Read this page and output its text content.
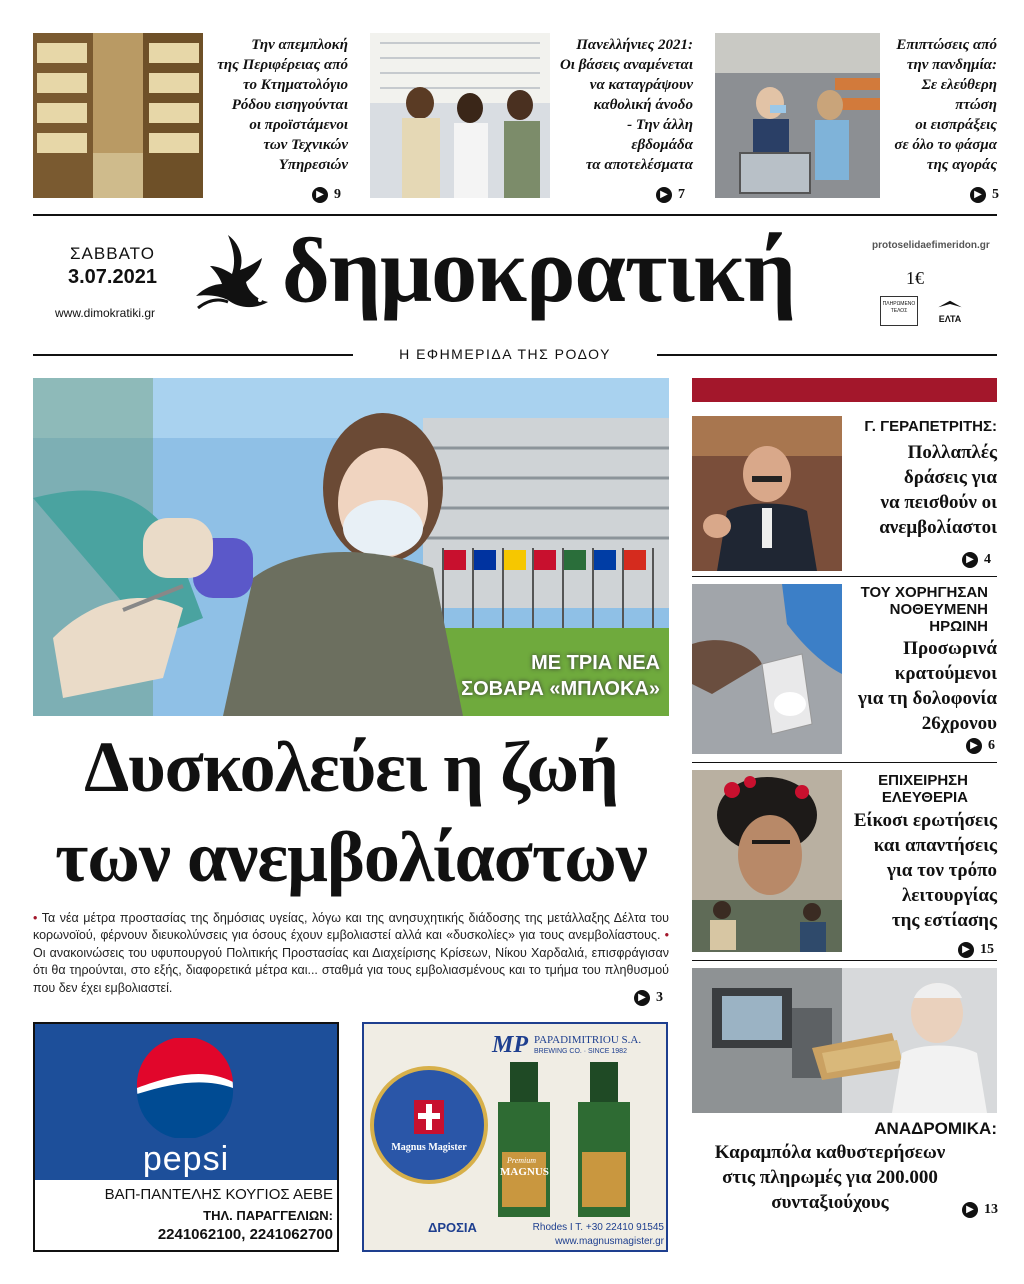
Την απεμπλοκή
της Περιφέρειας από
το Κτηματολόγιο
Ρόδου εισηγούνται
οι προϊστάμενοι
των Τεχνικών
Υπηρεσιών
▶ 9
Πανελλήνιες 2021:
Οι βάσεις αναμένεται
να καταγράψουν
καθολική άνοδο
- Την άλλη
εβδομάδα
τα αποτελέσματα
▶ 7
Επιπτώσεις από
την πανδημία:
Σε ελεύθερη
πτώση
οι εισπράξεις
σε όλο το φάσμα
της αγοράς
▶ 5
ΣΑΒΒΑΤΟ
3.07.2021
www.dimokratiki.gr δημοκρατική	protoselidaefimeridon.gr
1€
ΠΛΗΡΩΜΕΝΟ ΤΕΛΟΣ
ΕΛΤΑ
Η ΕΦΗΜΕΡΙΔΑ ΤΗΣ ΡΟΔΟΥ
ΜΕ ΤΡΙΑ ΝΕΑ
ΣΟΒΑΡΑ «ΜΠΛΟΚΑ»
Δυσκολεύει η ζωή
των ανεμβολίαστων
• Τα νέα μέτρα προστασίας της δημόσιας υγείας, λόγω και της ανησυχητικής διάδοσης της μετάλλαξης Δέλτα του κορωνοϊού, φέρνουν διευκολύνσεις για όσους έχουν εμβολιαστεί αλλά και «δυσκολίες» για τους ανεμβολίαστους. • Οι ανακοινώσεις του υφυπουργού Πολιτικής Προστασίας και Διαχείρισης Κρίσεων, Νίκου Χαρδαλιά, επισφράγισαν ότι θα τηρούνται, στο εξής, διαφορετικά μέτρα και... σταθμά για τους εμβολιασμένους και το τμήμα του πληθυσμού που δεν έχει εμβολιαστεί.
▶ 3
Γ. ΓΕΡΑΠΕΤΡΙΤΗΣ:
Πολλαπλές
δράσεις για
να πεισθούν οι
ανεμβολίαστοι
▶ 4
ΤΟΥ ΧΟΡΗΓΗΣΑΝ ΝΟΘΕΥΜΕΝΗ ΗΡΩΙΝΗ
Προσωρινά
κρατούμενοι
για τη δολοφονία
26χρονου
▶ 6
ΕΠΙΧΕΙΡΗΣΗ ΕΛΕΥΘΕΡΙΑ
Είκοσι ερωτήσεις
και απαντήσεις
για τον τρόπο
λειτουργίας
της εστίασης
▶ 15
ΑΝΑΔΡΟΜΙΚΑ:
Καραμπόλα καθυστερήσεων
στις πληρωμές για 200.000
συνταξιούχους	▶ 13
pepsi
ΒΑΠ-ΠΑΝΤΕΛΗΣ ΚΟΥΓΙΟΣ ΑΕΒΕ
ΤΗΛ. ΠΑΡΑΓΓΕΛΙΩΝ:
2241062100, 2241062700
MP PAPADIMITRIOU S.A.
BREWING CO. · SINCE 1982
Magnus Magister
Premium
MAGNUS
ΔΡΟΣΙΑ	Rhodes I T. +30 22410 91545
www.magnusmagister.gr
